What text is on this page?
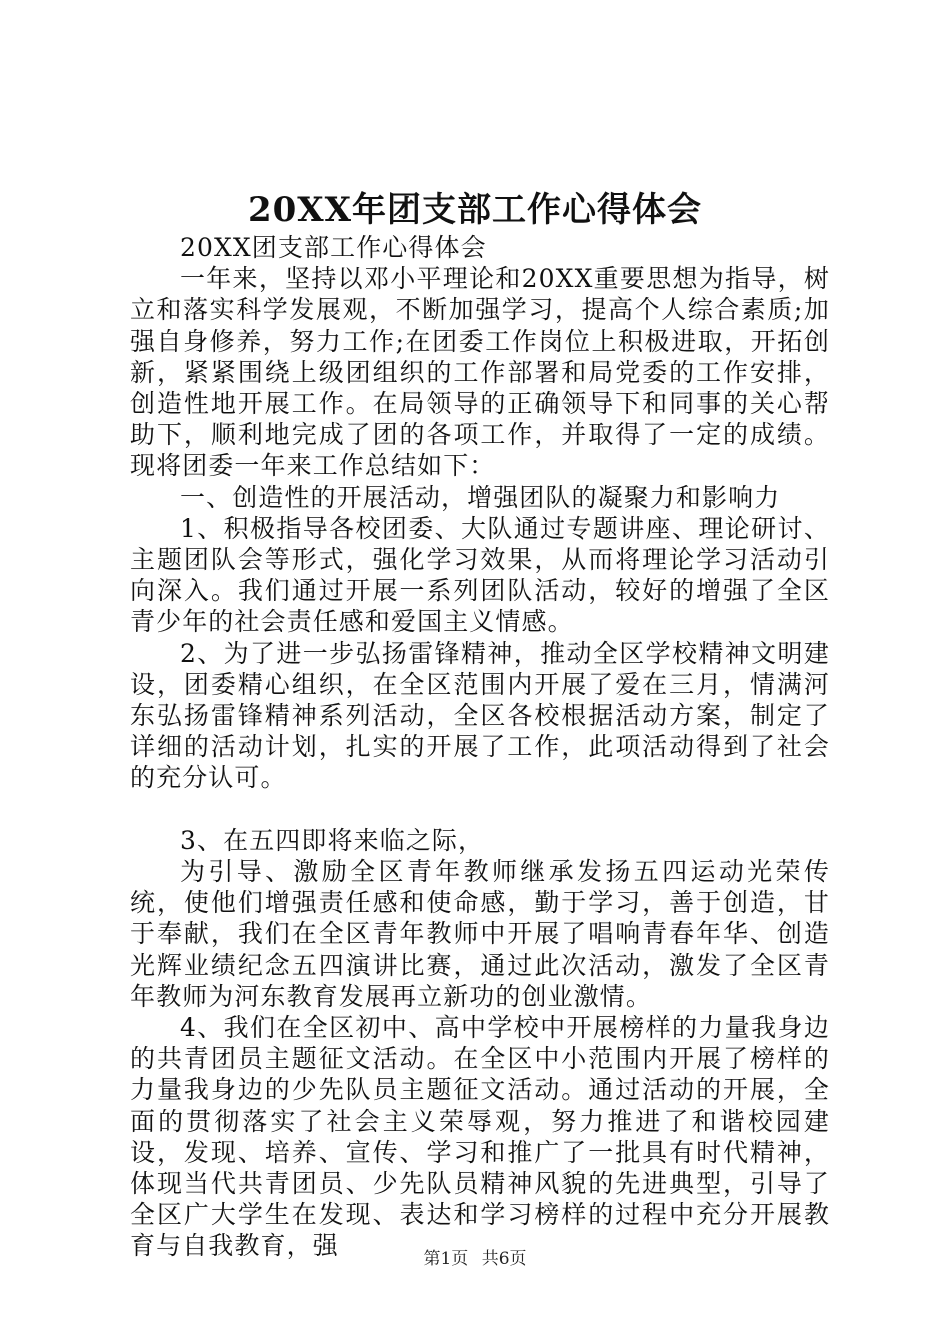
20XX年团支部工作心得体会

20XX团支部工作心得体会

一年来，坚持以邓小平理论和20XX重要思想为指导，树立和落实科学发展观，不断加强学习，提高个人综合素质;加强自身修养，努力工作;在团委工作岗位上积极进取，开拓创新，紧紧围绕上级团组织的工作部署和局党委的工作安排，创造性地开展工作。在局领导的正确领导下和同事的关心帮助下，顺利地完成了团的各项工作，并取得了一定的成绩。现将团委一年来工作总结如下：

一、创造性的开展活动，增强团队的凝聚力和影响力

1、积极指导各校团委、大队通过专题讲座、理论研讨、主题团队会等形式，强化学习效果，从而将理论学习活动引向深入。我们通过开展一系列团队活动，较好的增强了全区青少年的社会责任感和爱国主义情感。

2、为了进一步弘扬雷锋精神，推动全区学校精神文明建设，团委精心组织，在全区范围内开展了爱在三月，情满河东弘扬雷锋精神系列活动，全区各校根据活动方案，制定了详细的活动计划，扎实的开展了工作，此项活动得到了社会的充分认可。

3、在五四即将来临之际，

为引导、激励全区青年教师继承发扬五四运动光荣传统，使他们增强责任感和使命感，勤于学习，善于创造，甘于奉献，我们在全区青年教师中开展了唱响青春年华、创造光辉业绩纪念五四演讲比赛，通过此次活动，激发了全区青年教师为河东教育发展再立新功的创业激情。

4、我们在全区初中、高中学校中开展榜样的力量我身边的共青团员主题征文活动。在全区中小范围内开展了榜样的力量我身边的少先队员主题征文活动。通过活动的开展，全面的贯彻落实了社会主义荣辱观，努力推进了和谐校园建设，发现、培养、宣传、学习和推广了一批具有时代精神，体现当代共青团员、少先队员精神风貌的先进典型，引导了全区广大学生在发现、表达和学习榜样的过程中充分开展教育与自我教育，强	第1页 共6页
